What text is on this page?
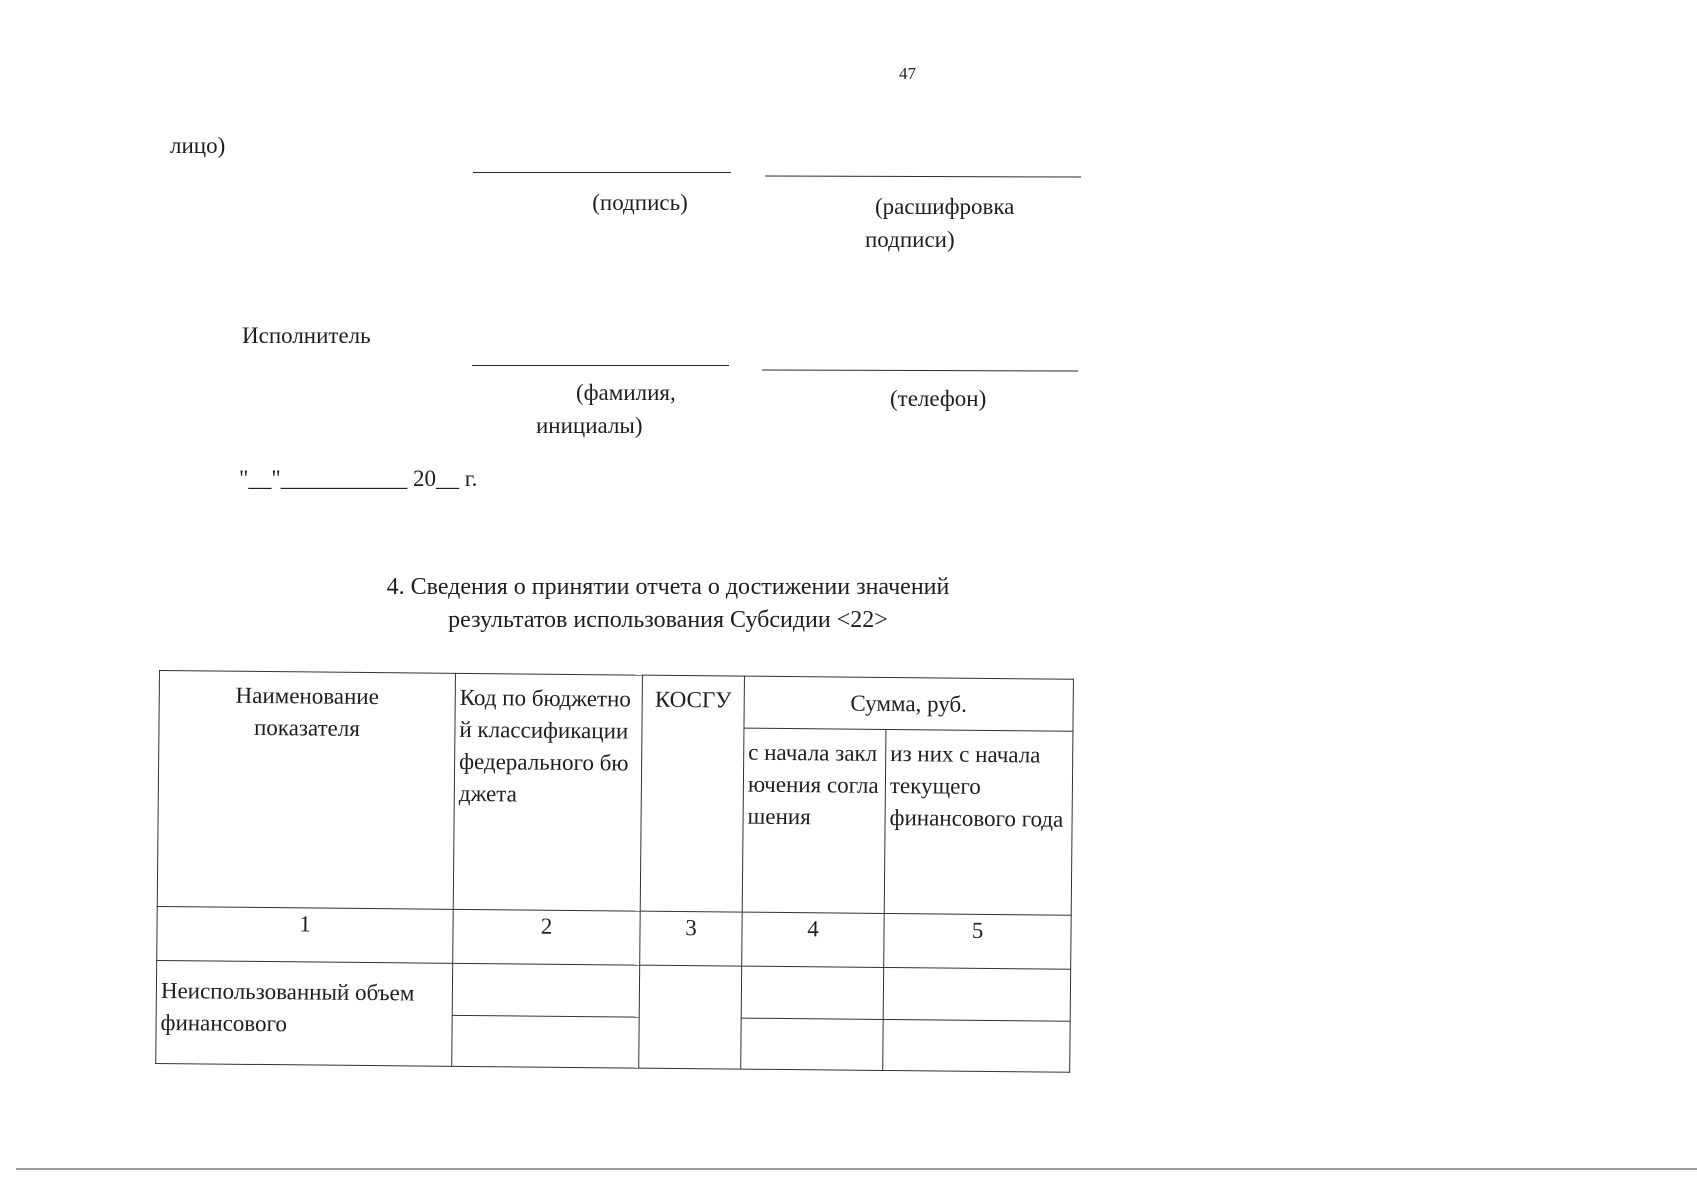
47
лицо)
(подпись)	(расшифровка
подписи)
Исполнитель
(фамилия,
инициалы)
(телефон)
"__"___________ 20__ г.
4. Сведения о принятии отчета о достижении значений
результатов использования Субсидии <22>
Наименование показателя	Код по бюджетной классификации федерального бюджета	КОСГУ	Сумма, руб.	

			с начала заключения соглашения	из них с начала текущего финансового года

1	2	3	4	5

Неиспользованный объем финансового				
